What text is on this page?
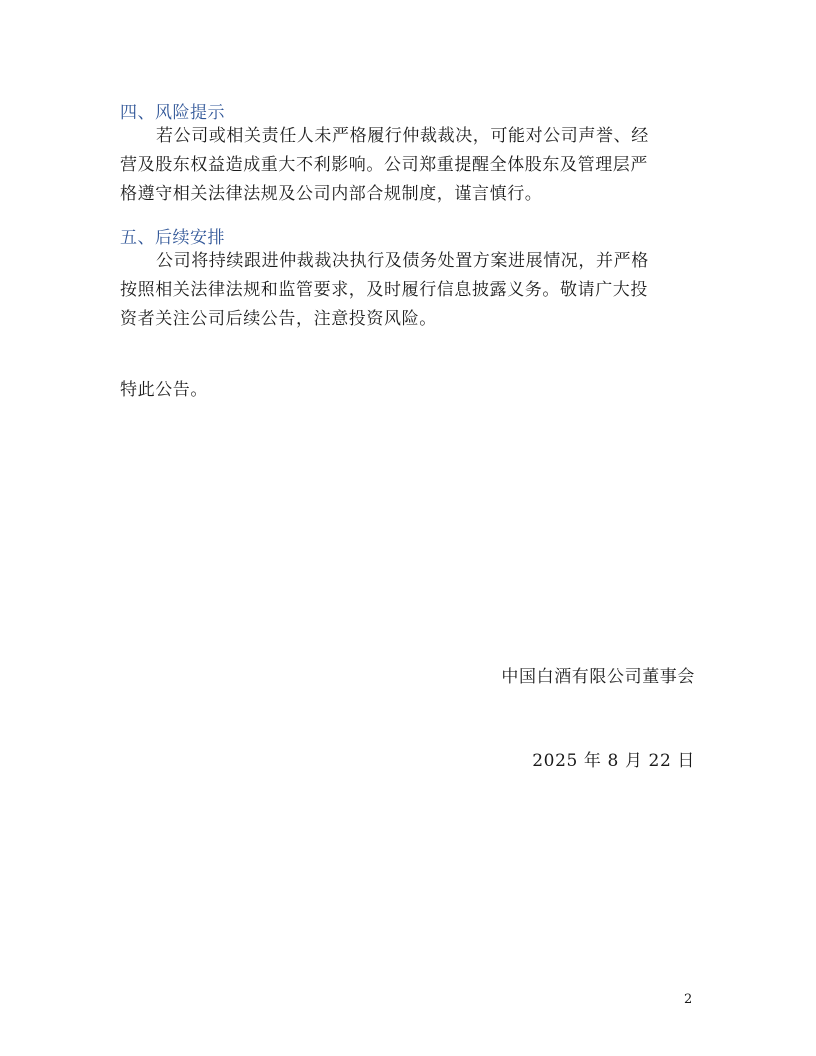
四、风险提示
若公司或相关责任人未严格履行仲裁裁决，可能对公司声誉、经
营及股东权益造成重大不利影响。公司郑重提醒全体股东及管理层严
格遵守相关法律法规及公司内部合规制度，谨言慎行。
五、后续安排
公司将持续跟进仲裁裁决执行及债务处置方案进展情况，并严格
按照相关法律法规和监管要求，及时履行信息披露义务。敬请广大投
资者关注公司后续公告，注意投资风险。
特此公告。
中国白酒有限公司董事会
2025 年 8 月 22 日
2
